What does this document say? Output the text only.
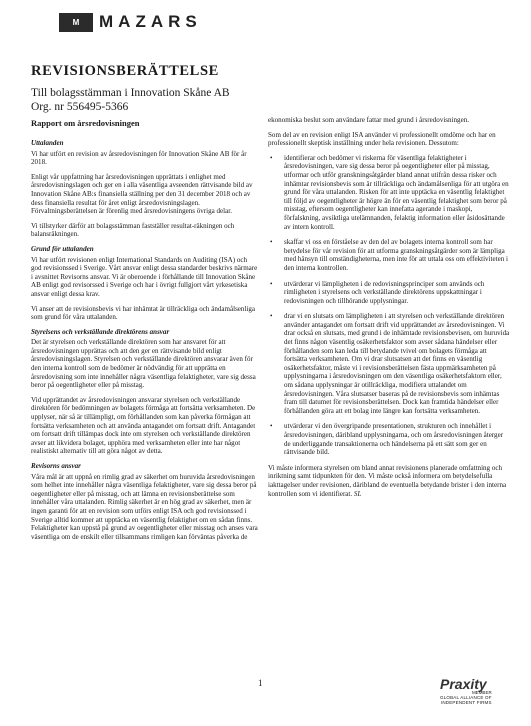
M	MAZARS
REVISIONSBERÄTTELSE
Till bolagsstämman i Innovation Skåne AB
Org. nr 556495-5366
Rapport om årsredovisningen
Uttalanden
Vi har utfört en revision av årsredovisningen för Innovation Skåne AB för år 2018.
Enligt vår uppfattning har årsredovisningen upprättats i enlighet med årsredovisningslagen och ger en i alla väsentliga avseenden rättvisande bild av Innovation Skåne AB:s finansiella ställning per den 31 december 2018 och av dess finansiella resultat för året enligt årsredovisningslagen. Förvaltningsberättelsen är förenlig med årsredovisningens övriga delar.
Vi tillstyrker därför att bolagsstämman fastställer resultat-räkningen och balansräkningen.
Grund för uttalanden
Vi har utfört revisionen enligt International Standards on Auditing (ISA) och god revisionssed i Sverige. Vårt ansvar enligt dessa standarder beskrivs närmare i avsnittet Revisorns ansvar. Vi är oberoende i förhållande till Innovation Skåne AB enligt god revisorssed i Sverige och har i övrigt fullgjort vårt yrkesetiska ansvar enligt dessa krav.
Vi anser att de revisionsbevis vi har inhämtat är tillräckliga och ändamålsenliga som grund för våra uttalanden.
Styrelsens och verkställande direktörens ansvar
Det är styrelsen och verkställande direktören som har ansvaret för att årsredovisningen upprättas och att den ger en rättvisande bild enligt årsredovisningslagen. Styrelsen och verkställande direktören ansvarar även för den interna kontroll som de bedömer är nödvändig för att upprätta en årsredovisning som inte innehåller några väsentliga felaktigheter, vare sig dessa beror på oegentligheter eller på misstag.
Vid upprättandet av årsredovisningen ansvarar styrelsen och verkställande direktören för bedömningen av bolagets förmåga att fortsätta verksamheten. De upplyser, när så är tillämpligt, om förhållanden som kan påverka förmågan att fortsätta verksamheten och att använda antagandet om fortsatt drift. Antagandet om fortsatt drift tillämpas dock inte om styrelsen och verkställande direktören avser att likvidera bolaget, upphöra med verksamheten eller inte har något realistiskt alternativ till att göra något av detta.
Revisorns ansvar
Våra mål är att uppnå en rimlig grad av säkerhet om huruvida årsredovisningen som helhet inte innehåller några väsentliga felaktigheter, vare sig dessa beror på oegentligheter eller på misstag, och att lämna en revisionsberättelse som innehåller våra uttalanden. Rimlig säkerhet är en hög grad av säkerhet, men är ingen garanti för att en revision som utförs enligt ISA och god revisionssed i Sverige alltid kommer att upptäcka en väsentlig felaktighet om en sådan finns. Felaktigheter kan uppstå på grund av oegentligheter eller misstag och anses vara väsentliga om de enskilt eller tillsammans rimligen kan förväntas påverka de
ekonomiska beslut som användare fattar med grund i årsredovisningen.
Som del av en revision enligt ISA använder vi professionellt omdöme och har en professionellt skeptisk inställning under hela revisionen. Dessutom:
• identifierar och bedömer vi riskerna för väsentliga felaktigheter i årsredovisningen, vare sig dessa beror på oegentligheter eller på misstag, utformar och utför granskningsåtgärder bland annat utifrån dessa risker och inhämtar revisionsbevis som är tillräckliga och ändamålsenliga för att utgöra en grund för våra uttalanden. Risken för att inte upptäcka en väsentlig felaktighet till följd av oegentligheter är högre än för en väsentlig felaktighet som beror på misstag, eftersom oegentligheter kan innefatta agerande i maskopi, förfalskning, avsiktliga utelämnanden, felaktig information eller åsidosättande av intern kontroll.
• skaffar vi oss en förståelse av den del av bolagets interna kontroll som har betydelse för vår revision för att utforma granskningsåtgärder som är lämpliga med hänsyn till omständigheterna, men inte för att uttala oss om effektiviteten i den interna kontrollen.
• utvärderar vi lämpligheten i de redovisningsprinciper som används och rimligheten i styrelsens och verkställande direktörens uppskattningar i redovisningen och tillhörande upplysningar.
• drar vi en slutsats om lämpligheten i att styrelsen och verkställande direktören använder antagandet om fortsatt drift vid upprättandet av årsredovisningen. Vi drar också en slutsats, med grund i de inhämtade revisionsbevisen, om huruvida det finns någon väsentlig osäkerhetsfaktor som avser sådana händelser eller förhållanden som kan leda till betydande tvivel om bolagets förmåga att fortsätta verksamheten. Om vi drar slutsatsen att det finns en väsentlig osäkerhetsfaktor, måste vi i revisionsberättelsen fästa uppmärksamheten på upplysningarna i årsredovisningen om den väsentliga osäkerhetsfaktorn eller, om sådana upplysningar är otillräckliga, modifiera uttalandet om årsredovisningen. Våra slutsatser baseras på de revisionsbevis som inhämtas fram till datumet för revisionsberättelsen. Dock kan framtida händelser eller förhållanden göra att ett bolag inte längre kan fortsätta verksamheten.
• utvärderar vi den övergripande presentationen, strukturen och innehållet i årsredovisningen, däribland upplysningarna, och om årsredovisningen återger de underliggande transaktionerna och händelserna på ett sätt som ger en rättvisande bild.
Vi måste informera styrelsen om bland annat revisionens planerade omfattning och inriktning samt tidpunkten för den. Vi måste också informera om betydelsefulla iakttagelser under revisionen, däribland de eventuella betydande brister i den interna kontrollen som vi identifierat. SL
1	Praxity
MEMBER
GLOBAL ALLIANCE OF
INDEPENDENT FIRMS
